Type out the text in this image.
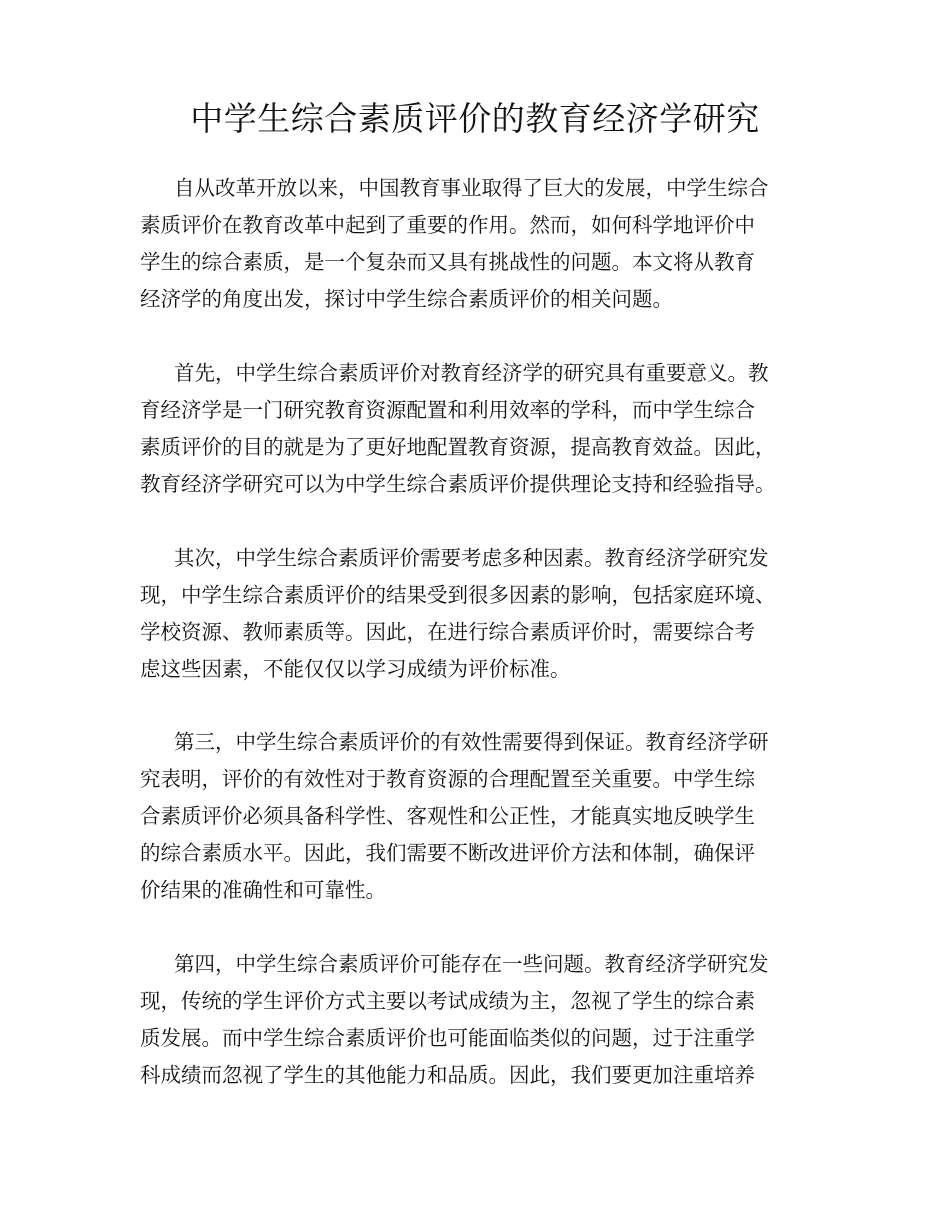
中学生综合素质评价的教育经济学研究
自从改革开放以来，中国教育事业取得了巨大的发展，中学生综合
素质评价在教育改革中起到了重要的作用。然而，如何科学地评价中
学生的综合素质，是一个复杂而又具有挑战性的问题。本文将从教育
经济学的角度出发，探讨中学生综合素质评价的相关问题。
首先，中学生综合素质评价对教育经济学的研究具有重要意义。教
育经济学是一门研究教育资源配置和利用效率的学科，而中学生综合
素质评价的目的就是为了更好地配置教育资源，提高教育效益。因此，
教育经济学研究可以为中学生综合素质评价提供理论支持和经验指导。
其次，中学生综合素质评价需要考虑多种因素。教育经济学研究发
现，中学生综合素质评价的结果受到很多因素的影响，包括家庭环境、
学校资源、教师素质等。因此，在进行综合素质评价时，需要综合考
虑这些因素，不能仅仅以学习成绩为评价标准。
第三，中学生综合素质评价的有效性需要得到保证。教育经济学研
究表明，评价的有效性对于教育资源的合理配置至关重要。中学生综
合素质评价必须具备科学性、客观性和公正性，才能真实地反映学生
的综合素质水平。因此，我们需要不断改进评价方法和体制，确保评
价结果的准确性和可靠性。
第四，中学生综合素质评价可能存在一些问题。教育经济学研究发
现，传统的学生评价方式主要以考试成绩为主，忽视了学生的综合素
质发展。而中学生综合素质评价也可能面临类似的问题，过于注重学
科成绩而忽视了学生的其他能力和品质。因此，我们要更加注重培养
